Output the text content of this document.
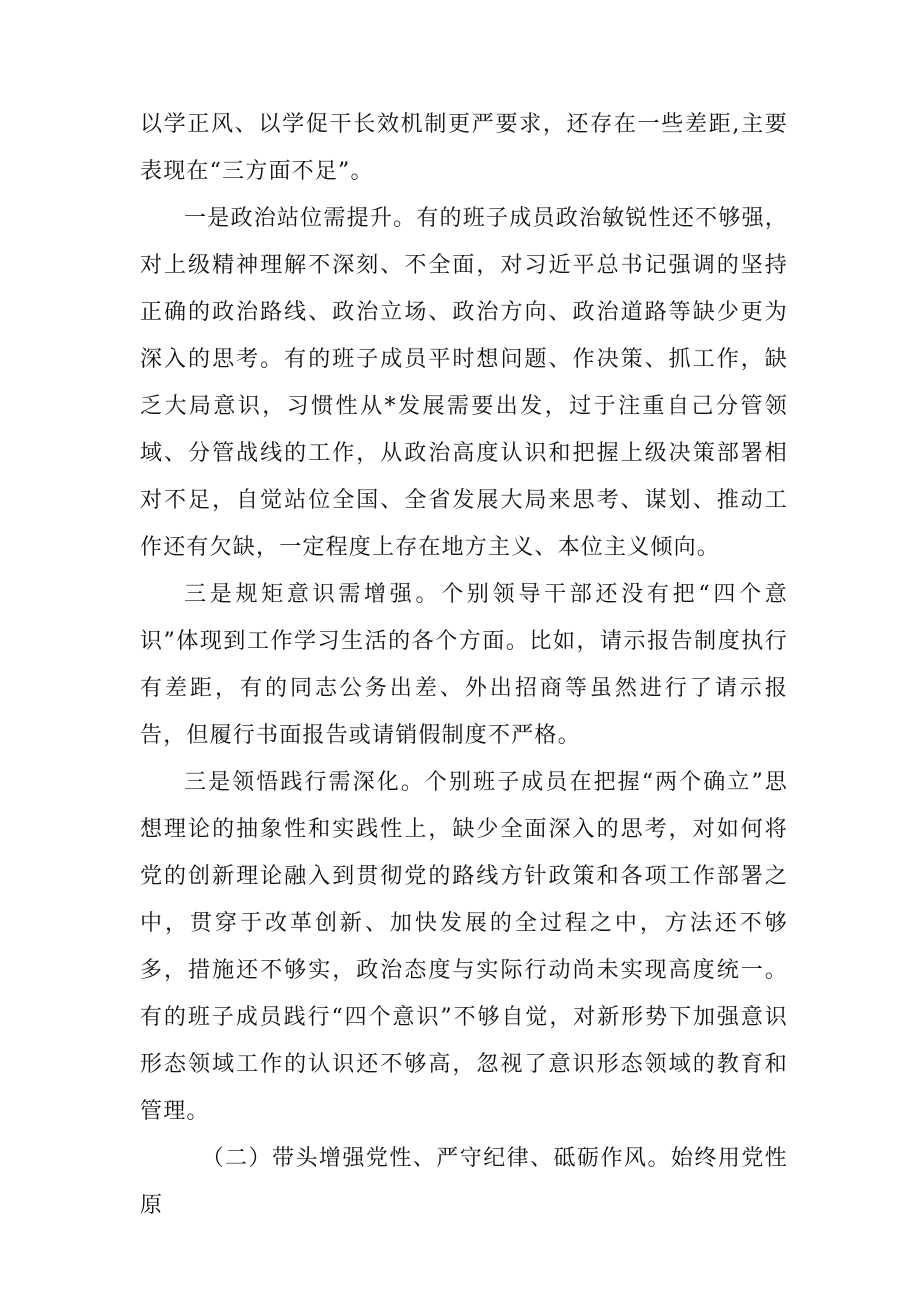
以学正风、以学促干长效机制更严要求，还存在一些差距,主要表现在“三方面不足”。

一是政治站位需提升。有的班子成员政治敏锐性还不够强，对上级精神理解不深刻、不全面，对习近平总书记强调的坚持正确的政治路线、政治立场、政治方向、政治道路等缺少更为深入的思考。有的班子成员平时想问题、作决策、抓工作，缺乏大局意识，习惯性从*发展需要出发，过于注重自己分管领域、分管战线的工作，从政治高度认识和把握上级决策部署相对不足，自觉站位全国、全省发展大局来思考、谋划、推动工作还有欠缺，一定程度上存在地方主义、本位主义倾向。

三是规矩意识需增强。个别领导干部还没有把“四个意识”体现到工作学习生活的各个方面。比如，请示报告制度执行有差距，有的同志公务出差、外出招商等虽然进行了请示报告，但履行书面报告或请销假制度不严格。

三是领悟践行需深化。个别班子成员在把握“两个确立”思想理论的抽象性和实践性上，缺少全面深入的思考，对如何将党的创新理论融入到贯彻党的路线方针政策和各项工作部署之中，贯穿于改革创新、加快发展的全过程之中，方法还不够多，措施还不够实，政治态度与实际行动尚未实现高度统一。有的班子成员践行“四个意识”不够自觉，对新形势下加强意识形态领域工作的认识还不够高，忽视了意识形态领域的教育和管理。

（二）带头增强党性、严守纪律、砥砺作风。始终用党性原
